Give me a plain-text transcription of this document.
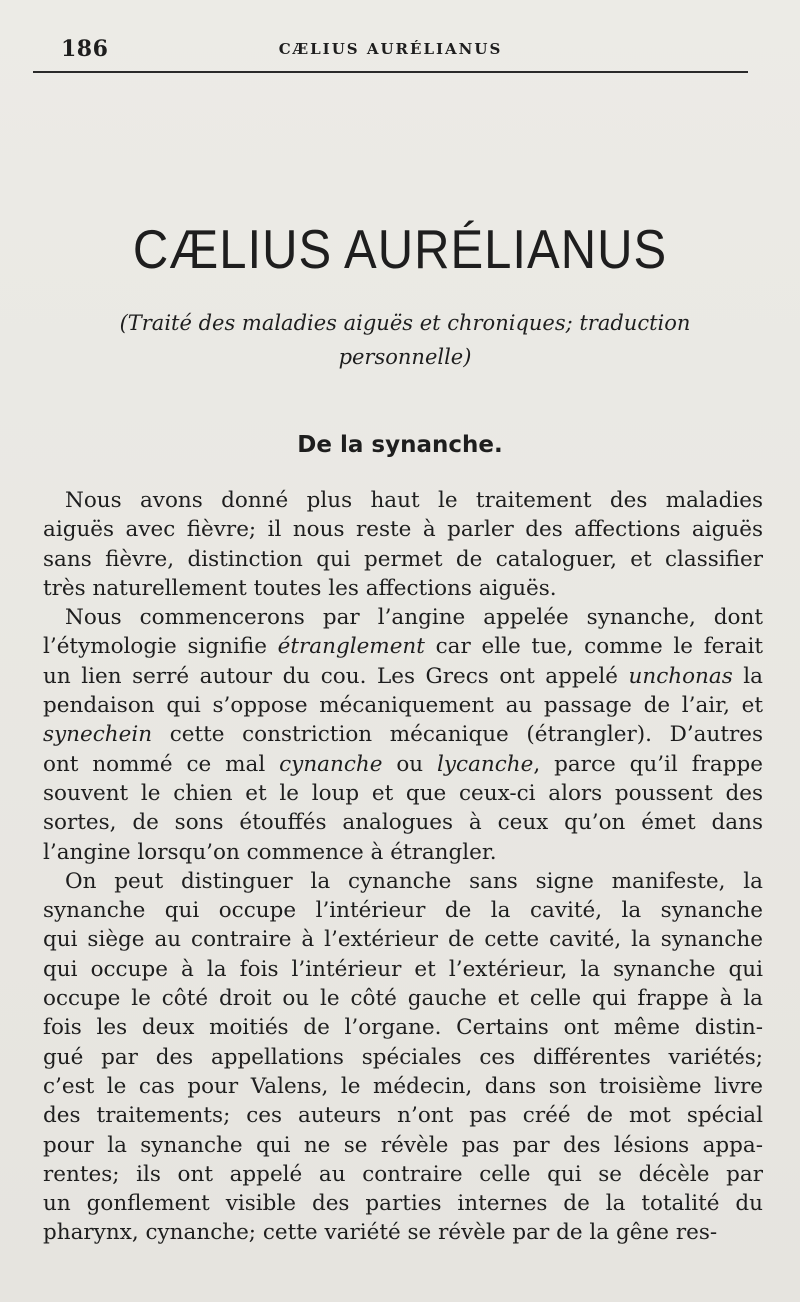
186	CÆLIUS AURÉLIANUS
CÆLIUS AURÉLIANUS
(Traité des maladies aiguës et chroniques; traduction
personnelle)
De la synanche.
Nous avons donné plus haut le traitement des maladies
aiguës avec fièvre; il nous reste à parler des affections aiguës
sans fièvre, distinction qui permet de cataloguer, et classifier
très naturellement toutes les affections aiguës.
Nous commencerons par l’angine appelée synanche, dont
l’étymologie signifie étranglement car elle tue, comme le ferait
un lien serré autour du cou. Les Grecs ont appelé unchonas la
pendaison qui s’oppose mécaniquement au passage de l’air, et
synechein cette constriction mécanique (étrangler). D’autres
ont nommé ce mal cynanche ou lycanche, parce qu’il frappe
souvent le chien et le loup et que ceux-ci alors poussent des
sortes, de sons étouffés analogues à ceux qu’on émet dans
l’angine lorsqu’on commence à étrangler.
On peut distinguer la cynanche sans signe manifeste, la
synanche qui occupe l’intérieur de la cavité, la synanche
qui siège au contraire à l’extérieur de cette cavité, la synanche
qui occupe à la fois l’intérieur et l’extérieur, la synanche qui
occupe le côté droit ou le côté gauche et celle qui frappe à la
fois les deux moitiés de l’organe. Certains ont même distin-
gué par des appellations spéciales ces différentes variétés;
c’est le cas pour Valens, le médecin, dans son troisième livre
des traitements; ces auteurs n’ont pas créé de mot spécial
pour la synanche qui ne se révèle pas par des lésions appa-
rentes; ils ont appelé au contraire celle qui se décèle par
un gonflement visible des parties internes de la totalité du
pharynx, cynanche; cette variété se révèle par de la gêne res-
